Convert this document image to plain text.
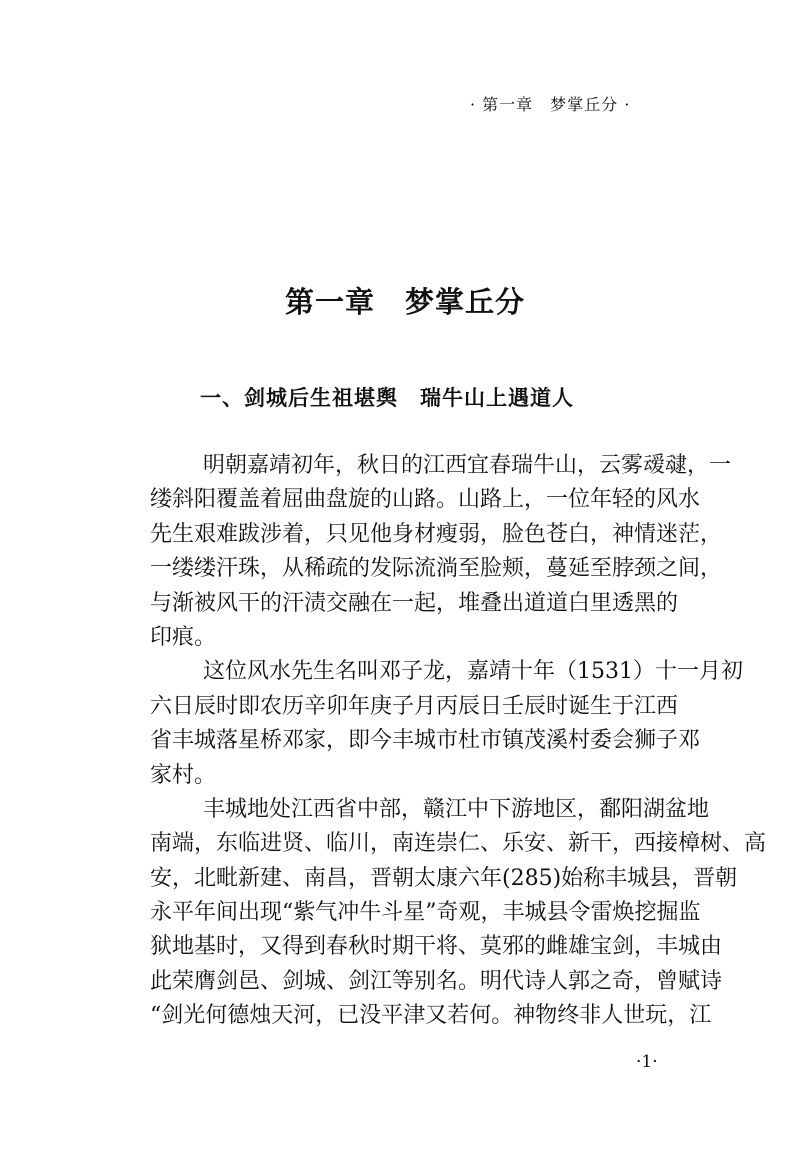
· 第一章　梦掌丘分 ·
第一章　梦掌丘分
一、剑城后生祖堪舆　瑞牛山上遇道人
明朝嘉靖初年，秋日的江西宜春瑞牛山，云雾叆叇，一
缕斜阳覆盖着屈曲盘旋的山路。山路上，一位年轻的风水
先生艰难跋涉着，只见他身材瘦弱，脸色苍白，神情迷茫，
一缕缕汗珠，从稀疏的发际流淌至脸颊，蔓延至脖颈之间，
与渐被风干的汗渍交融在一起，堆叠出道道白里透黑的
印痕。
这位风水先生名叫邓子龙，嘉靖十年（1531）十一月初
六日辰时即农历辛卯年庚子月丙辰日壬辰时诞生于江西
省丰城落星桥邓家，即今丰城市杜市镇茂溪村委会狮子邓
家村。
丰城地处江西省中部，赣江中下游地区，鄱阳湖盆地
南端，东临进贤、临川，南连崇仁、乐安、新干，西接樟树、高
安，北毗新建、南昌，晋朝太康六年(285)始称丰城县，晋朝
永平年间出现“紫气冲牛斗星”奇观，丰城县令雷焕挖掘监
狱地基时，又得到春秋时期干将、莫邪的雌雄宝剑，丰城由
此荣膺剑邑、剑城、剑江等别名。明代诗人郭之奇，曾赋诗
“剑光何德烛天河，已没平津又若何。神物终非人世玩，江
·1·
